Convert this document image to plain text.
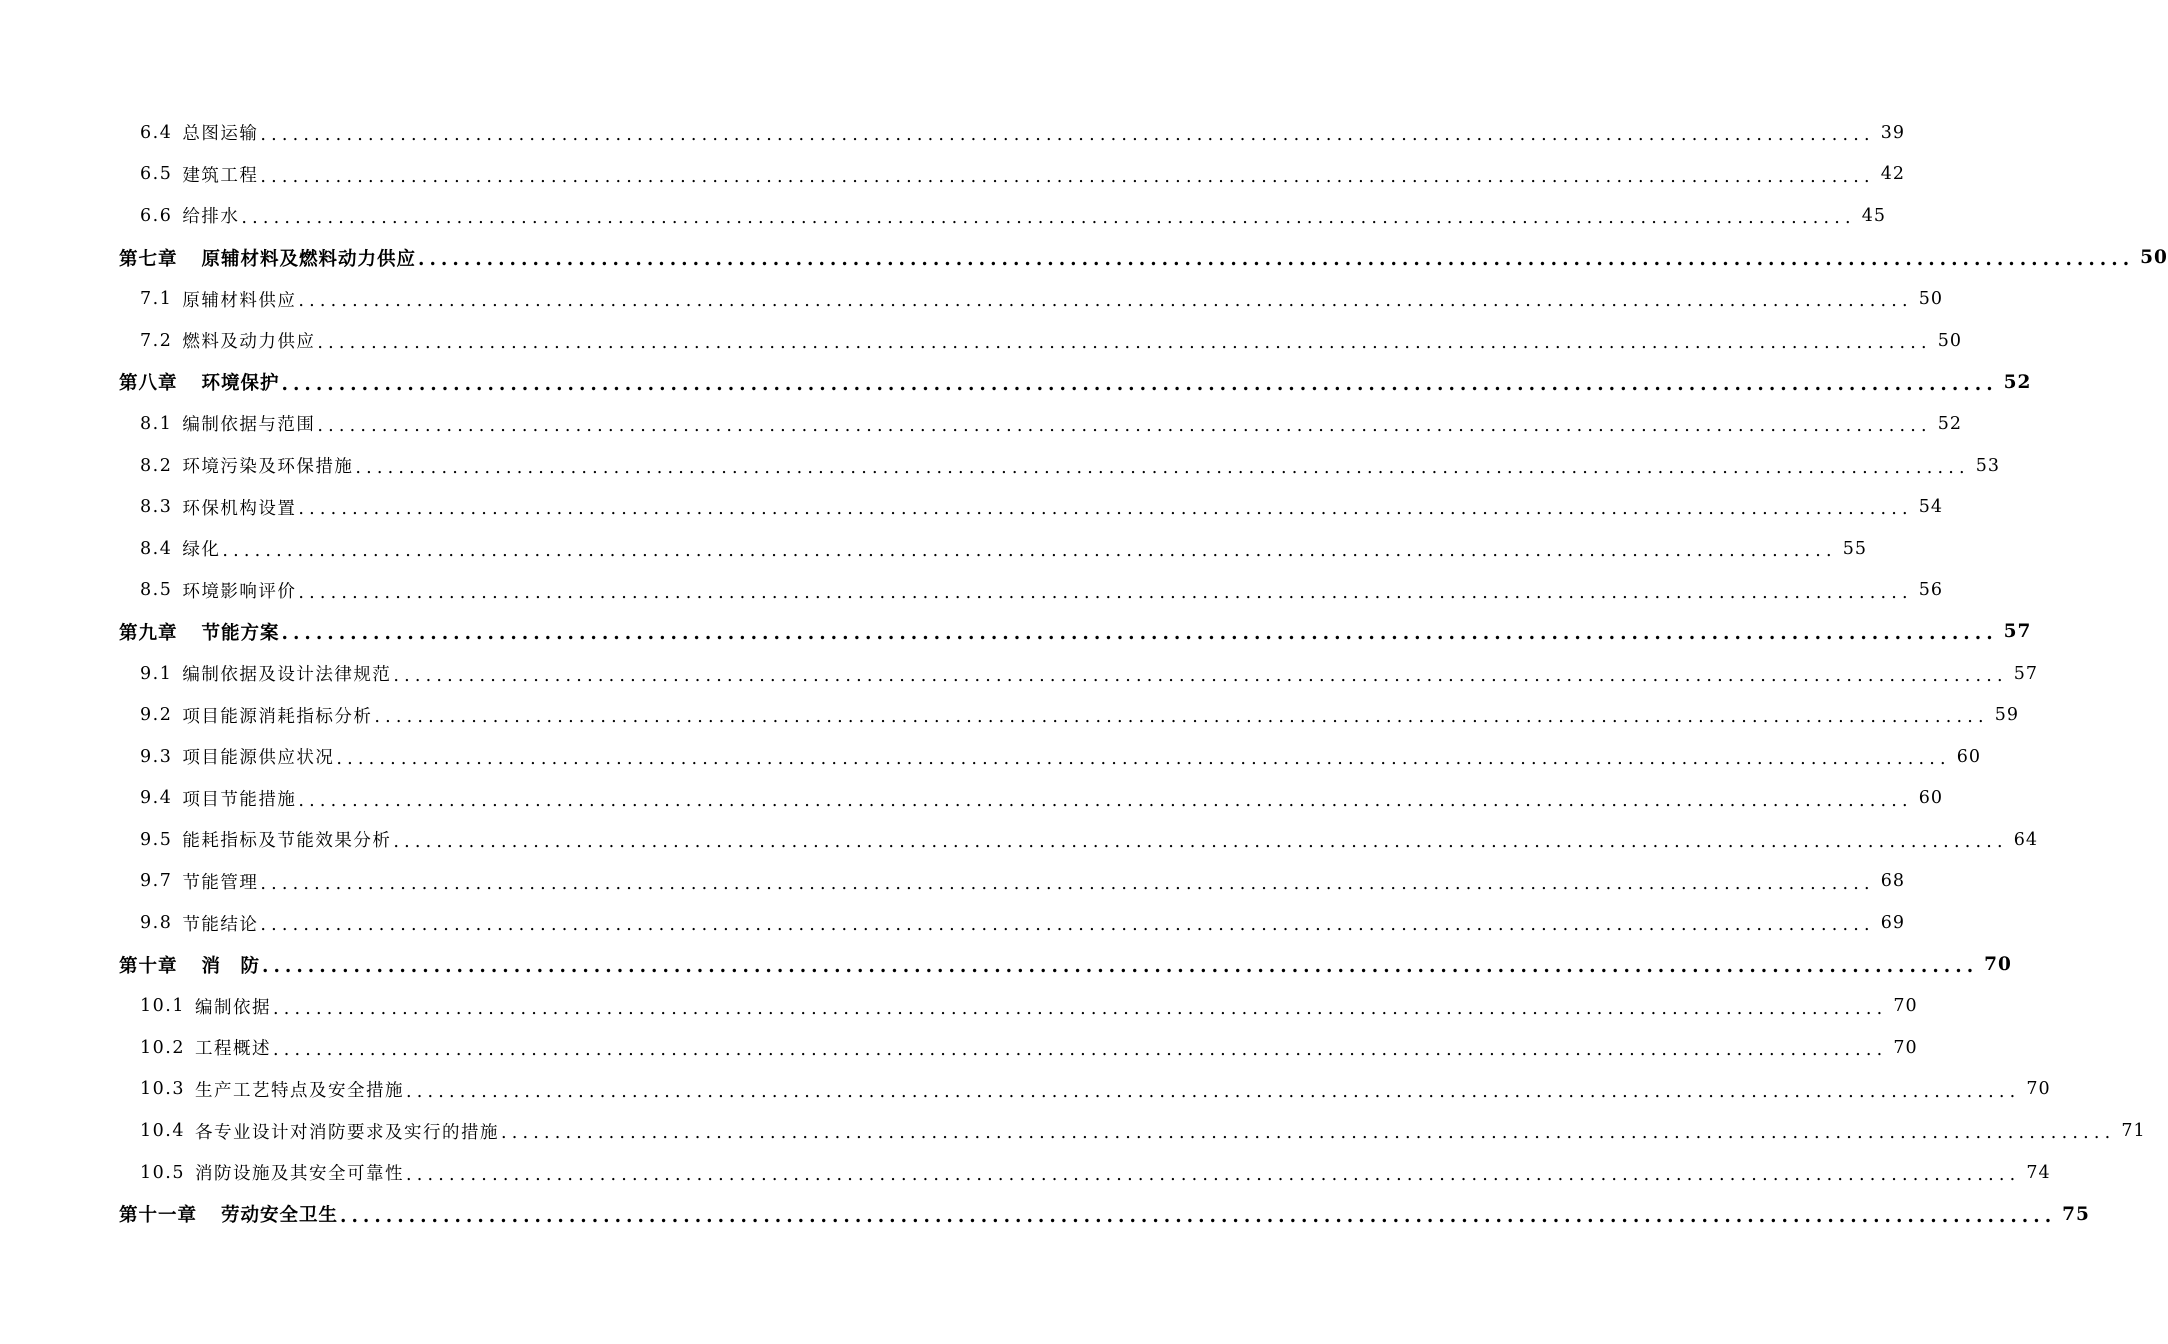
6.4 总图运输 ...................................................................................................................................................... 39
6.5 建筑工程 ...................................................................................................................................................... 42
6.6 给排水 ...................................................................................................................................................... 45
第七章 原辅材料及燃料动力供应 ...................................................................................................................................................... 50
7.1 原辅材料供应 ...................................................................................................................................................... 50
7.2 燃料及动力供应 ...................................................................................................................................................... 50
第八章 环境保护 ...................................................................................................................................................... 52
8.1 编制依据与范围 ...................................................................................................................................................... 52
8.2 环境污染及环保措施 ...................................................................................................................................................... 53
8.3 环保机构设置 ...................................................................................................................................................... 54
8.4 绿化 ...................................................................................................................................................... 55
8.5 环境影响评价 ...................................................................................................................................................... 56
第九章 节能方案 ...................................................................................................................................................... 57
9.1 编制依据及设计法律规范 ...................................................................................................................................................... 57
9.2 项目能源消耗指标分析 ...................................................................................................................................................... 59
9.3 项目能源供应状况 ...................................................................................................................................................... 60
9.4 项目节能措施 ...................................................................................................................................................... 60
9.5 能耗指标及节能效果分析 ...................................................................................................................................................... 64
9.7 节能管理 ...................................................................................................................................................... 68
9.8 节能结论 ...................................................................................................................................................... 69
第十章 消　防 ...................................................................................................................................................... 70
10.1 编制依据 ...................................................................................................................................................... 70
10.2 工程概述 ...................................................................................................................................................... 70
10.3 生产工艺特点及安全措施 ...................................................................................................................................................... 70
10.4 各专业设计对消防要求及实行的措施 ...................................................................................................................................................... 71
10.5 消防设施及其安全可靠性 ...................................................................................................................................................... 74
第十一章 劳动安全卫生 ...................................................................................................................................................... 75
